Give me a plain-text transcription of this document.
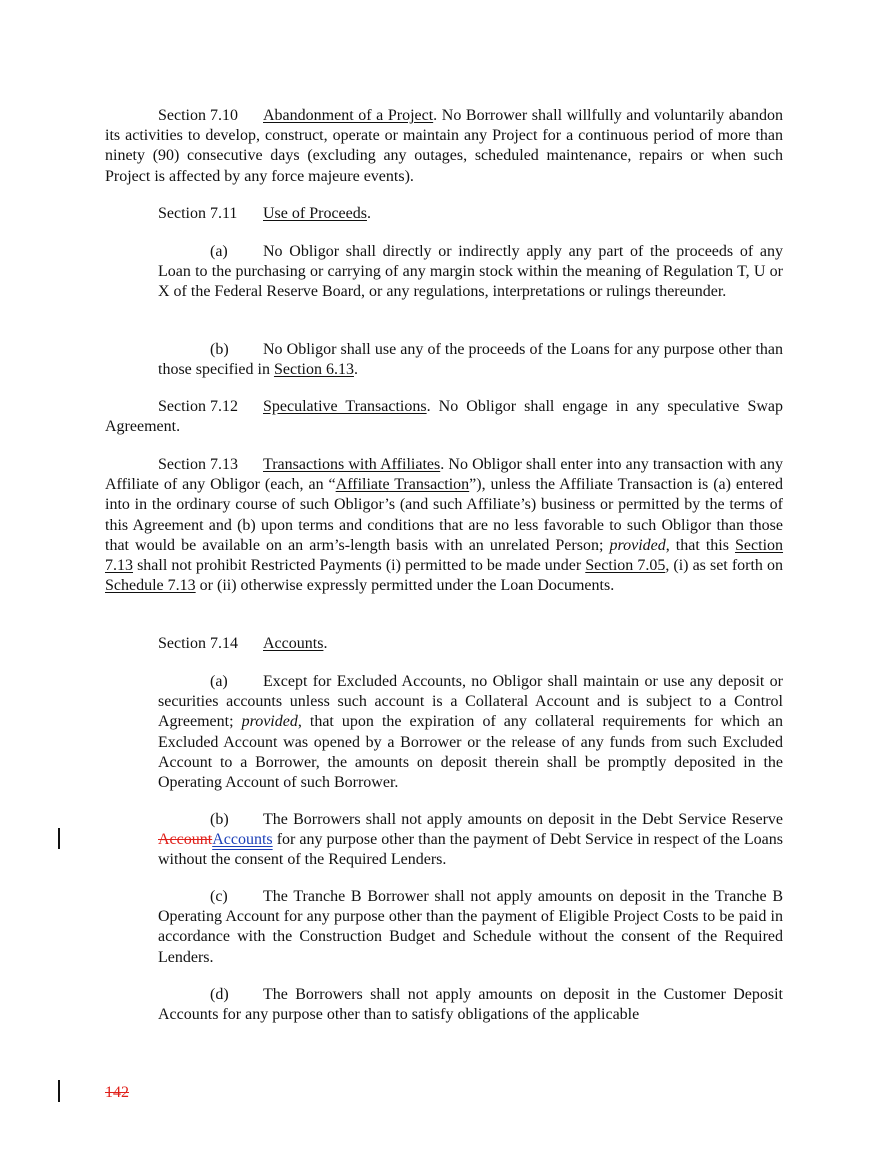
Section 7.10 Abandonment of a Project. No Borrower shall willfully and voluntarily abandon its activities to develop, construct, operate or maintain any Project for a continuous period of more than ninety (90) consecutive days (excluding any outages, scheduled maintenance, repairs or when such Project is affected by any force majeure events).

Section 7.11 Use of Proceeds.

(a) No Obligor shall directly or indirectly apply any part of the proceeds of any Loan to the purchasing or carrying of any margin stock within the meaning of Regulation T, U or X of the Federal Reserve Board, or any regulations, interpretations or rulings thereunder.

(b) No Obligor shall use any of the proceeds of the Loans for any purpose other than those specified in Section 6.13.

Section 7.12 Speculative Transactions. No Obligor shall engage in any speculative Swap Agreement.

Section 7.13 Transactions with Affiliates. No Obligor shall enter into any transaction with any Affiliate of any Obligor (each, an “Affiliate Transaction”), unless the Affiliate Transaction is (a) entered into in the ordinary course of such Obligor’s (and such Affiliate’s) business or permitted by the terms of this Agreement and (b) upon terms and conditions that are no less favorable to such Obligor than those that would be available on an arm’s-length basis with an unrelated Person; provided, that this Section 7.13 shall not prohibit Restricted Payments (i) permitted to be made under Section 7.05, (i) as set forth on Schedule 7.13 or (ii) otherwise expressly permitted under the Loan Documents.

Section 7.14 Accounts.

(a) Except for Excluded Accounts, no Obligor shall maintain or use any deposit or securities accounts unless such account is a Collateral Account and is subject to a Control Agreement; provided, that upon the expiration of any collateral requirements for which an Excluded Account was opened by a Borrower or the release of any funds from such Excluded Account to a Borrower, the amounts on deposit therein shall be promptly deposited in the Operating Account of such Borrower.

(b) The Borrowers shall not apply amounts on deposit in the Debt Service Reserve AccountAccounts for any purpose other than the payment of Debt Service in respect of the Loans without the consent of the Required Lenders.

(c) The Tranche B Borrower shall not apply amounts on deposit in the Tranche B Operating Account for any purpose other than the payment of Eligible Project Costs to be paid in accordance with the Construction Budget and Schedule without the consent of the Required Lenders.

(d) The Borrowers shall not apply amounts on deposit in the Customer Deposit Accounts for any purpose other than to satisfy obligations of the applicable

142
